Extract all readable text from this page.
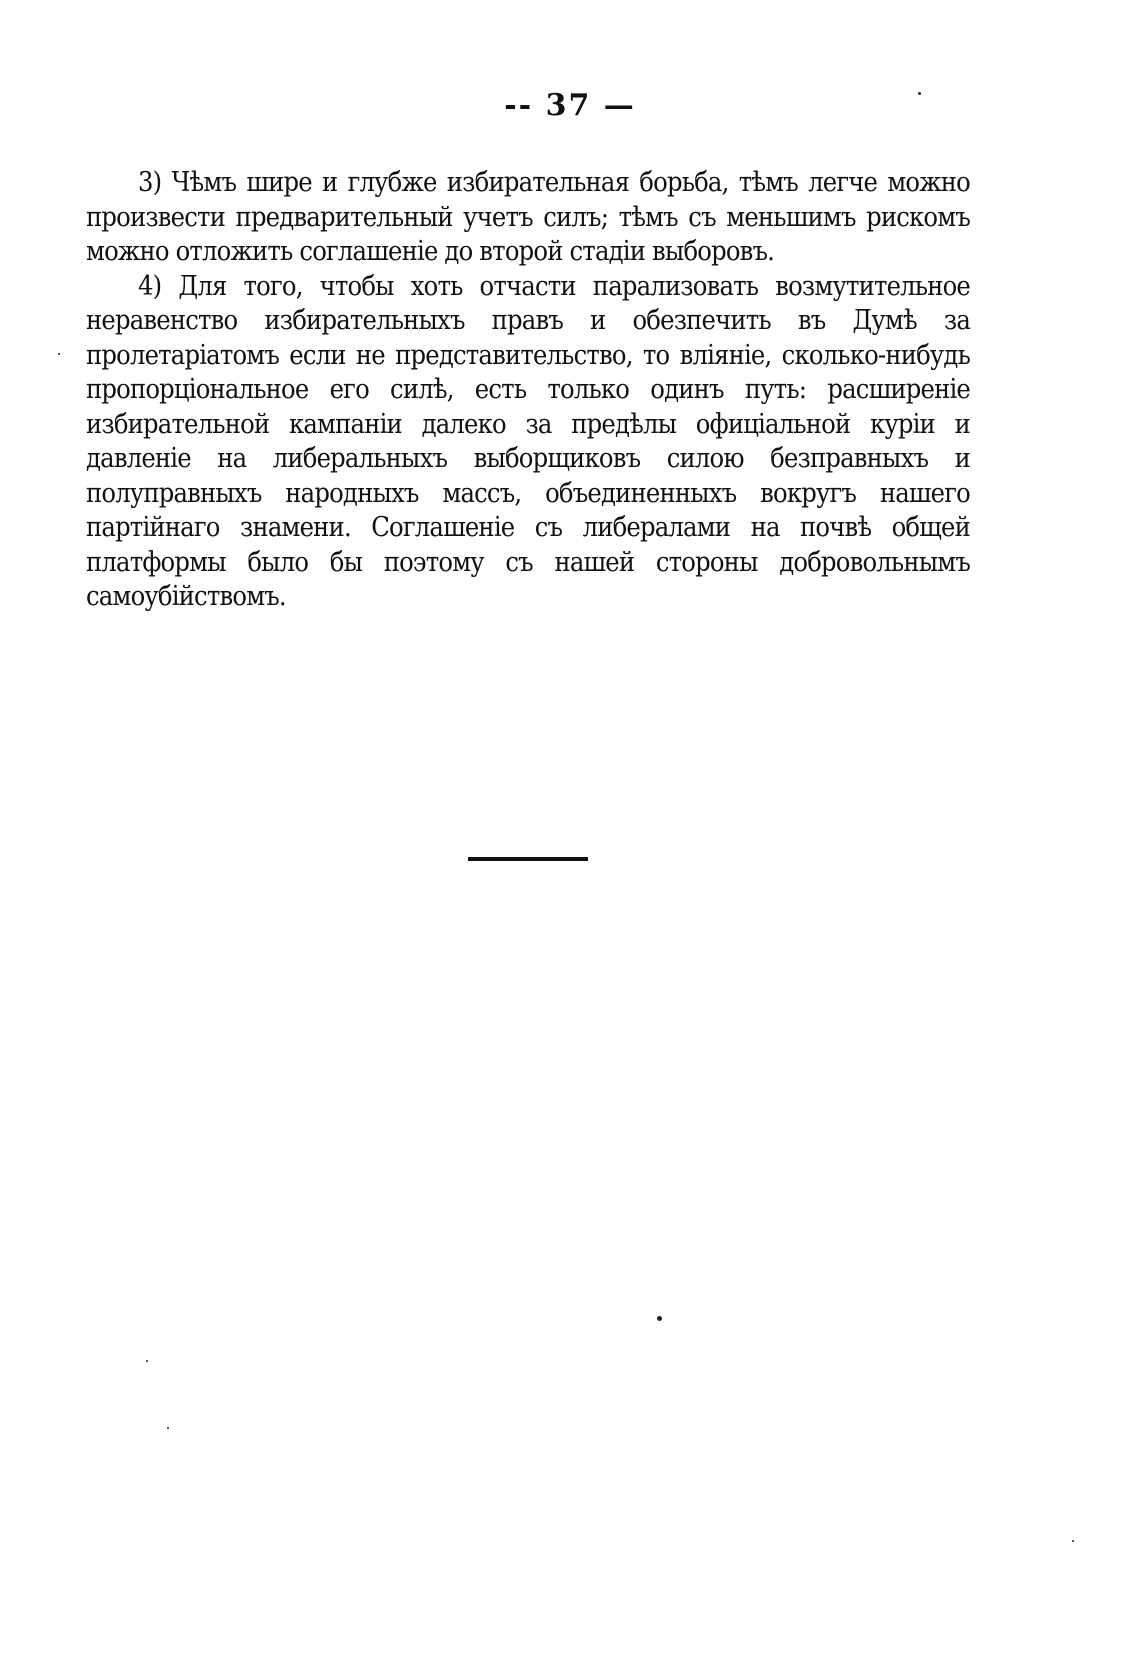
-- 37 —

3) Чѣмъ шире и глубже избирательная борьба, тѣмъ легче можно произвести предварительный учетъ силъ; тѣмъ съ меньшимъ рискомъ можно отложить соглашеніе до второй стадіи выборовъ.

4) Для того, чтобы хоть отчасти парализовать возмутительное неравенство избирательныхъ правъ и обезпечить въ Думѣ за пролетаріатомъ если не представительство, то вліяніе, сколько-нибудь пропорціональное его силѣ, есть только одинъ путь: расширеніе избирательной кампаніи далеко за предѣлы офиціальной куріи и давленіе на либеральныхъ выборщиковъ силою безправныхъ и полуправныхъ народныхъ массъ, объединенныхъ вокругъ нашего партійнаго знамени. Соглашеніе съ либералами на почвѣ общей платформы было бы поэтому съ нашей стороны добровольнымъ самоубійствомъ.
